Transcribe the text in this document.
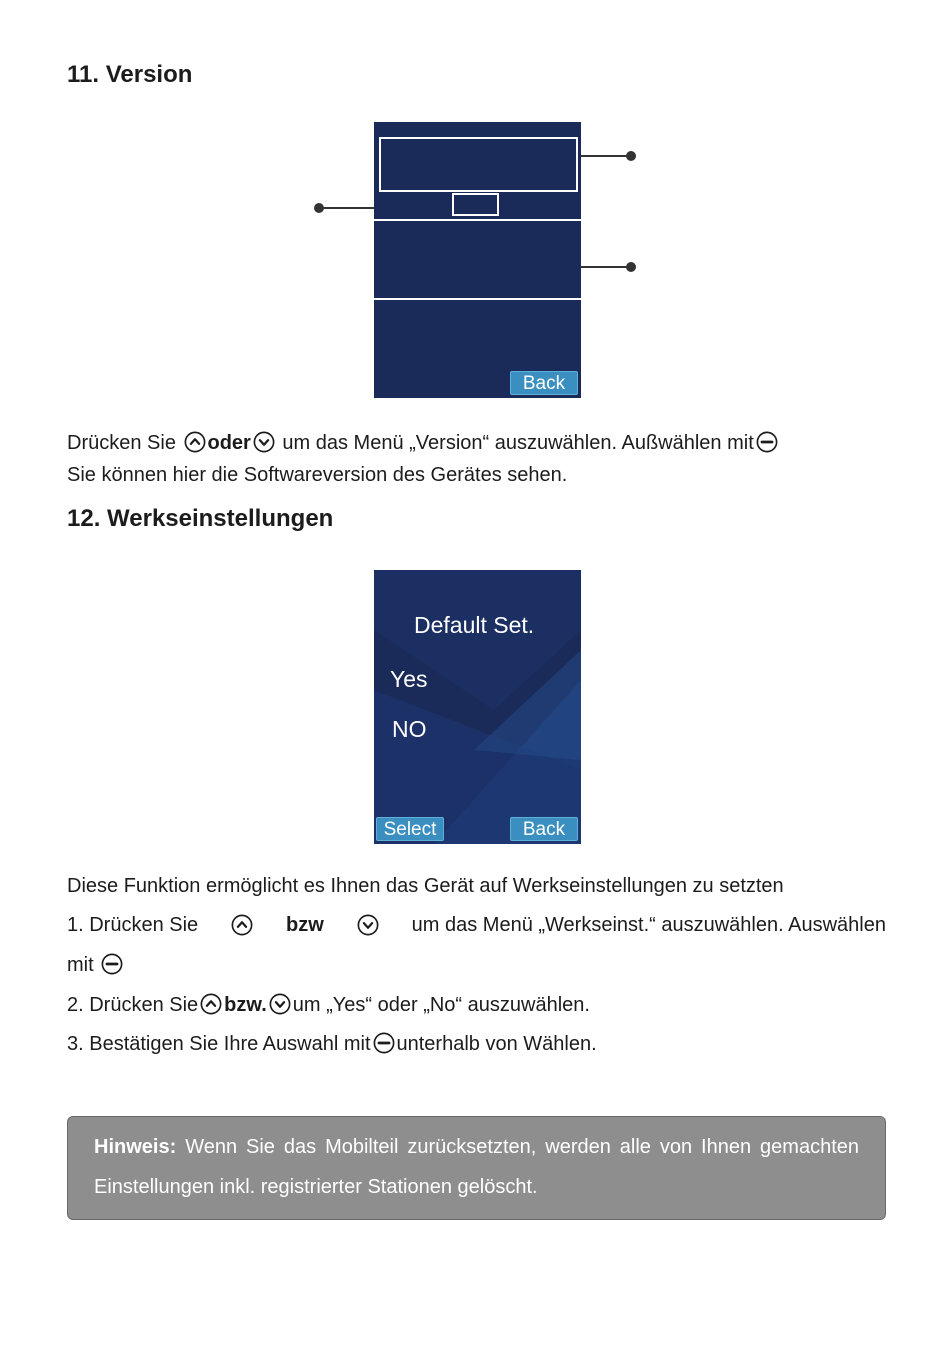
11. Version
Back

Drücken Sie oder um das Menü „Version“ auszuwählen. Außwählen mit

Sie können hier die Softwareversion des Gerätes sehen.

12. Werkseinstellungen
Default Set.
Yes
NO
Select	Back

Diese Funktion ermöglicht es Ihnen das Gerät auf Werkseinstellungen zu setzten

1. Drücken Sie	bzw	um das Menü „Werkseinst.“ auszuwählen. Auswählen

mit

2. Drücken Sie bzw. um „Yes“ oder „No“ auszuwählen.

3. Bestätigen Sie Ihre Auswahl mit unterhalb von Wählen.

Hinweis: Wenn Sie das Mobilteil zurücksetzten, werden alle von Ihnen gemachten Einstellungen inkl. registrierter Stationen gelöscht.
